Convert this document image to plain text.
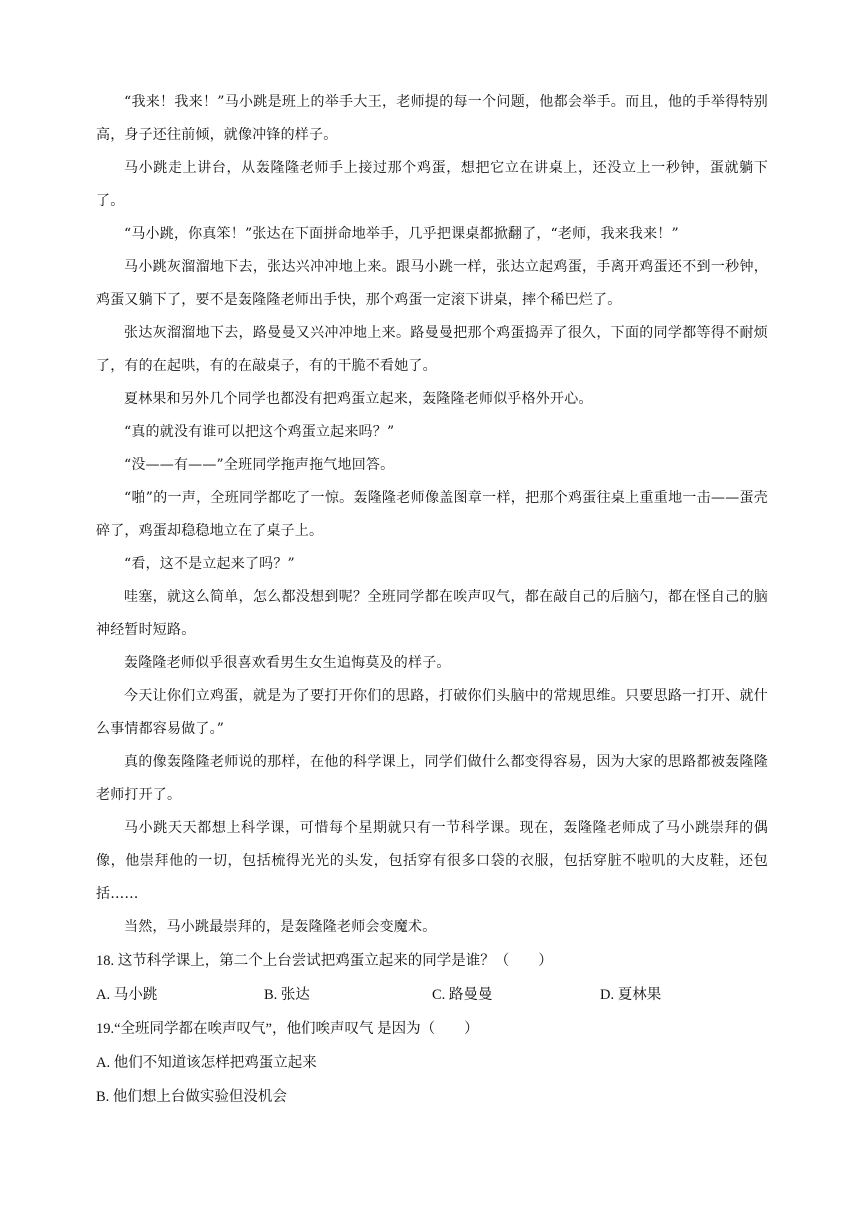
“我来！我来！”马小跳是班上的举手大王，老师提的每一个问题，他都会举手。而且，他的手举得特别高，身子还往前倾，就像冲锋的样子。

马小跳走上讲台，从轰隆隆老师手上接过那个鸡蛋，想把它立在讲桌上，还没立上一秒钟，蛋就躺下了。

“马小跳，你真笨！”张达在下面拼命地举手，几乎把课桌都掀翻了，“老师，我来我来！”

马小跳灰溜溜地下去，张达兴冲冲地上来。跟马小跳一样，张达立起鸡蛋，手离开鸡蛋还不到一秒钟，鸡蛋又躺下了，要不是轰隆隆老师出手快，那个鸡蛋一定滚下讲桌，摔个稀巴烂了。

张达灰溜溜地下去，路曼曼又兴冲冲地上来。路曼曼把那个鸡蛋捣弄了很久，下面的同学都等得不耐烦了，有的在起哄，有的在敲桌子，有的干脆不看她了。

夏林果和另外几个同学也都没有把鸡蛋立起来，轰隆隆老师似乎格外开心。

“真的就没有谁可以把这个鸡蛋立起来吗？”

“没——有——”全班同学拖声拖气地回答。

“啪”的一声，全班同学都吃了一惊。轰隆隆老师像盖图章一样，把那个鸡蛋往桌上重重地一击——蛋壳碎了，鸡蛋却稳稳地立在了桌子上。

“看，这不是立起来了吗？”

哇塞，就这么简单，怎么都没想到呢？全班同学都在唉声叹气，都在敲自己的后脑勺，都在怪自己的脑神经暂时短路。

轰隆隆老师似乎很喜欢看男生女生追悔莫及的样子。

今天让你们立鸡蛋，就是为了要打开你们的思路，打破你们头脑中的常规思维。只要思路一打开、就什么事情都容易做了。”

真的像轰隆隆老师说的那样，在他的科学课上，同学们做什么都变得容易，因为大家的思路都被轰隆隆老师打开了。

马小跳天天都想上科学课，可惜每个星期就只有一节科学课。现在，轰隆隆老师成了马小跳崇拜的偶像，他崇拜他的一切，包括梳得光光的头发，包括穿有很多口袋的衣服，包括穿脏不啦叽的大皮鞋，还包括……

当然，马小跳最崇拜的，是轰隆隆老师会变魔术。

18. 这节科学课上，第二个上台尝试把鸡蛋立起来的同学是谁？（　　）

A. 马小跳	B. 张达	C. 路曼曼	D. 夏林果

19.“全班同学都在唉声叹气”，他们唉声叹气 是因为（　　）

A. 他们不知道该怎样把鸡蛋立起来

B. 他们想上台做实验但没机会
